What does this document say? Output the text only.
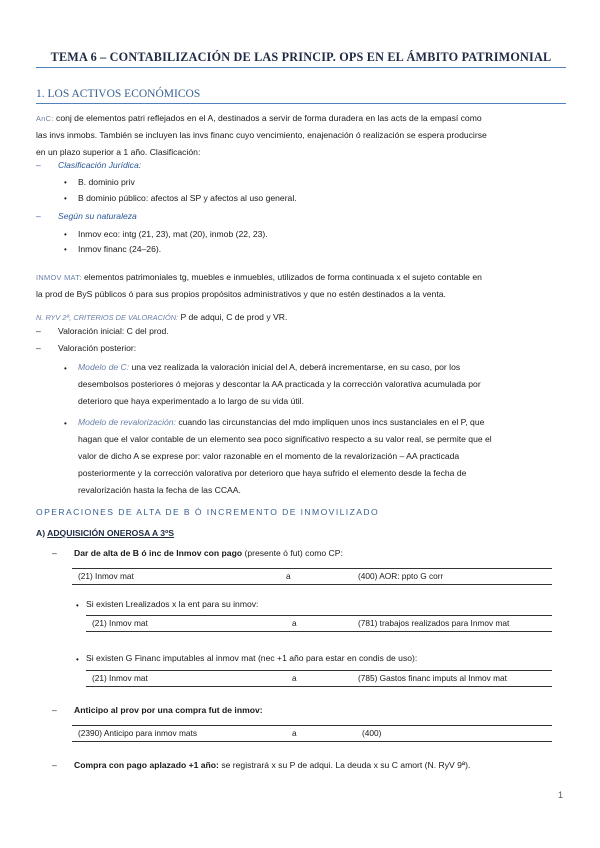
TEMA 6 – CONTABILIZACIÓN DE LAS PRINCIP. OPS EN EL ÁMBITO PATRIMONIAL
1. LOS ACTIVOS ECONÓMICOS
AnC: conj de elementos patri reflejados en el A, destinados a servir de forma duradera en las acts de la empasí como
las invs inmobs. También se incluyen las invs financ cuyo vencimiento, enajenación ó realización se espera producirse
en un plazo superior a 1 año. Clasificación:
– Clasificación Jurídica:
• B. dominio priv
• B dominio público: afectos al SP y afectos al uso general.
– Según su naturaleza
• Inmov eco: intg (21, 23), mat (20), inmob (22, 23).
• Inmov financ (24–26).
INMOV MAT: elementos patrimoniales tg, muebles e inmuebles, utilizados de forma continuada x el sujeto contable en
la prod de ByS públicos ó para sus propios propósitos administrativos y que no estén destinados a la venta.
N. RYV 2ª, CRITERIOS DE VALORACIÓN: P de adqui, C de prod y VR.
– Valoración inicial: C del prod.
– Valoración posterior:
• Modelo de C: una vez realizada la valoración inicial del A, deberá incrementarse, en su caso, por los
desembolsos posteriores ó mejoras y descontar la AA practicada y la corrección valorativa acumulada por
deterioro que haya experimentado a lo largo de su vida útil.
• Modelo de revalorización: cuando las circunstancias del mdo impliquen unos incs sustanciales en el P, que
hagan que el valor contable de un elemento sea poco significativo respecto a su valor real, se permite que el
valor de dicho A se exprese por: valor razonable en el momento de la revalorización – AA practicada
posteriormente y la corrección valorativa por deterioro que haya sufrido el elemento desde la fecha de
revalorización hasta la fecha de las CCAA.
OPERACIONES DE ALTA DE B Ó INCREMENTO DE INMOVILIZADO
A) ADQUISICIÓN ONEROSA A 3ºS
– Dar de alta de B ó inc de Inmov con pago (presente ó fut) como CP:
(21) Inmov mat	a	(400) AOR: ppto G corr
• Si existen Lrealizados x la ent para su inmov:
(21) Inmov mat	a	(781) trabajos realizados para Inmov mat
• Si existen G Financ imputables al inmov mat (nec +1 año para estar en condis de uso):
(21) Inmov mat	a	(785) Gastos financ imputs al Inmov mat
– Anticipo al prov por una compra fut de inmov:
(2390) Anticipo para inmov mats	a	(400)
– Compra con pago aplazado +1 año: se registrará x su P de adqui. La deuda x su C amort (N. RyV 9ª).
1
